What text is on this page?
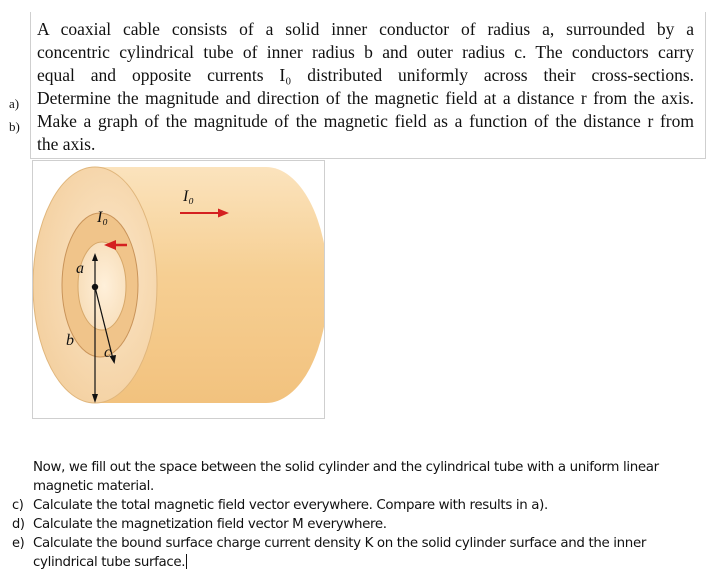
A coaxial cable consists of a solid inner conductor of radius a, surrounded by a
concentric cylindrical tube of inner radius b and outer radius c. The conductors carry
equal and opposite currents I₀ distributed uniformly across their cross-sections.
a) Determine the magnitude and direction of the magnetic field at a distance r from the axis.
b) Make a graph of the magnitude of the magnetic field as a function of the distance r from
the axis.
I₀
I₀
a
b
c
Now, we fill out the space between the solid cylinder and the cylindrical tube with a uniform linear
magnetic material.
c) Calculate the total magnetic field vector everywhere. Compare with results in a).
d) Calculate the magnetization field vector M everywhere.
e) Calculate the bound surface charge current density K on the solid cylinder surface and the inner
cylindrical tube surface.
